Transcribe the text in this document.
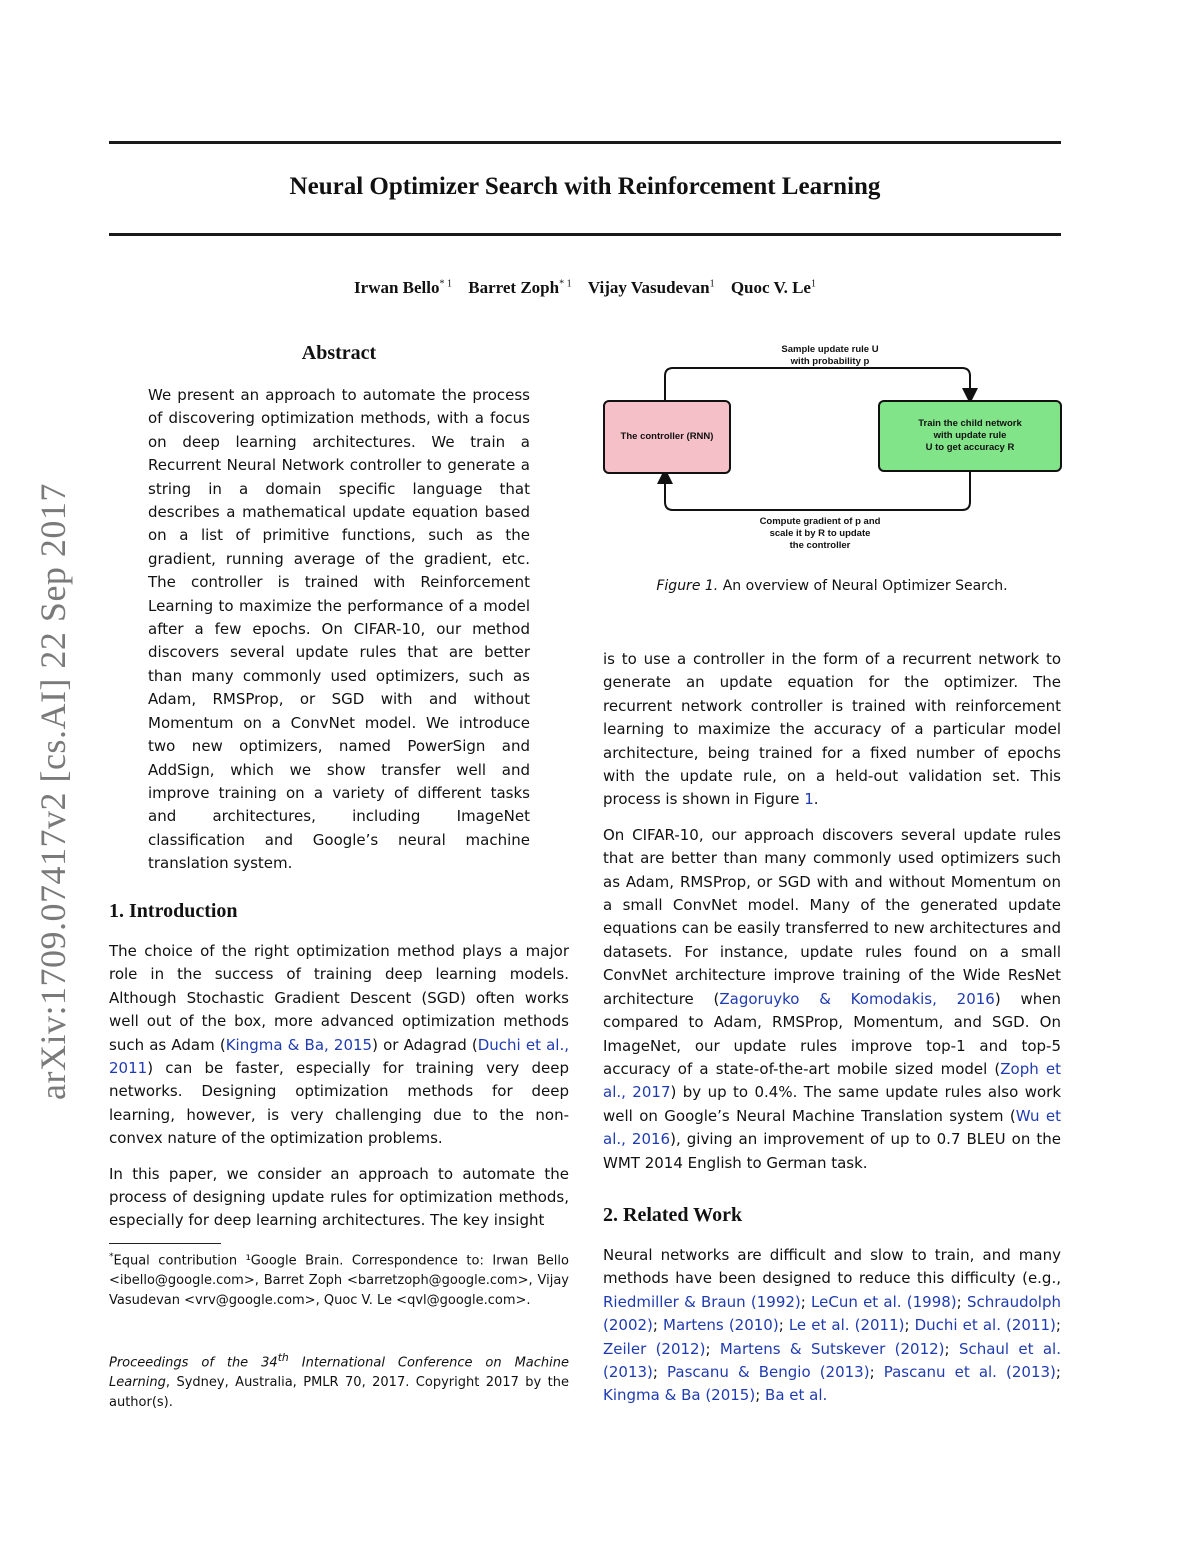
Neural Optimizer Search with Reinforcement Learning
Irwan Bello$^{* 1}$ Barret Zoph$^{* 1}$ Vijay Vasudevan$^1$ Quoc V. Le$^1$
arXiv:1709.07417v2 [cs.AI] 22 Sep 2017
Abstract

We present an approach to automate the process of discovering optimization methods, with a focus on deep learning architectures. We train a Recurrent Neural Network controller to generate a string in a domain specific language that describes a mathematical update equation based on a list of primitive functions, such as the gradient, running average of the gradient, etc. The controller is trained with Reinforcement Learning to maximize the performance of a model after a few epochs. On CIFAR-10, our method discovers several update rules that are better than many commonly used optimizers, such as Adam, RMSProp, or SGD with and without Momentum on a ConvNet model. We introduce two new optimizers, named PowerSign and AddSign, which we show transfer well and improve training on a variety of different tasks and architectures, including ImageNet classification and Google’s neural machine translation system.

1. Introduction

The choice of the right optimization method plays a major role in the success of training deep learning models. Although Stochastic Gradient Descent (SGD) often works well out of the box, more advanced optimization methods such as Adam (Kingma & Ba, 2015) or Adagrad (Duchi et al., 2011) can be faster, especially for training very deep networks. Designing optimization methods for deep learning, however, is very challenging due to the non-convex nature of the optimization problems.

In this paper, we consider an approach to automate the process of designing update rules for optimization methods, especially for deep learning architectures. The key insight

*Equal contribution ¹Google Brain. Correspondence to: Irwan Bello <ibello@google.com>, Barret Zoph <barretzoph@google.com>, Vijay Vasudevan <vrv@google.com>, Quoc V. Le <qvl@google.com>.

Proceedings of the 34th International Conference on Machine Learning, Sydney, Australia, PMLR 70, 2017. Copyright 2017 by the author(s).

Sample update rule U
with probability p
The controller (RNN)
Train the child network
with update rule
U to get accuracy R
Compute gradient of p and
scale it by R to update
the controller
Figure 1. An overview of Neural Optimizer Search.

is to use a controller in the form of a recurrent network to generate an update equation for the optimizer. The recurrent network controller is trained with reinforcement learning to maximize the accuracy of a particular model architecture, being trained for a fixed number of epochs with the update rule, on a held-out validation set. This process is shown in Figure 1.

On CIFAR-10, our approach discovers several update rules that are better than many commonly used optimizers such as Adam, RMSProp, or SGD with and without Momentum on a small ConvNet model. Many of the generated update equations can be easily transferred to new architectures and datasets. For instance, update rules found on a small ConvNet architecture improve training of the Wide ResNet architecture (Zagoruyko & Komodakis, 2016) when compared to Adam, RMSProp, Momentum, and SGD. On ImageNet, our update rules improve top-1 and top-5 accuracy of a state-of-the-art mobile sized model (Zoph et al., 2017) by up to 0.4%. The same update rules also work well on Google’s Neural Machine Translation system (Wu et al., 2016), giving an improvement of up to 0.7 BLEU on the WMT 2014 English to German task.

2. Related Work

Neural networks are difficult and slow to train, and many methods have been designed to reduce this difficulty (e.g., Riedmiller & Braun (1992); LeCun et al. (1998); Schraudolph (2002); Martens (2010); Le et al. (2011); Duchi et al. (2011); Zeiler (2012); Martens & Sutskever (2012); Schaul et al. (2013); Pascanu & Bengio (2013); Pascanu et al. (2013); Kingma & Ba (2015); Ba et al.
